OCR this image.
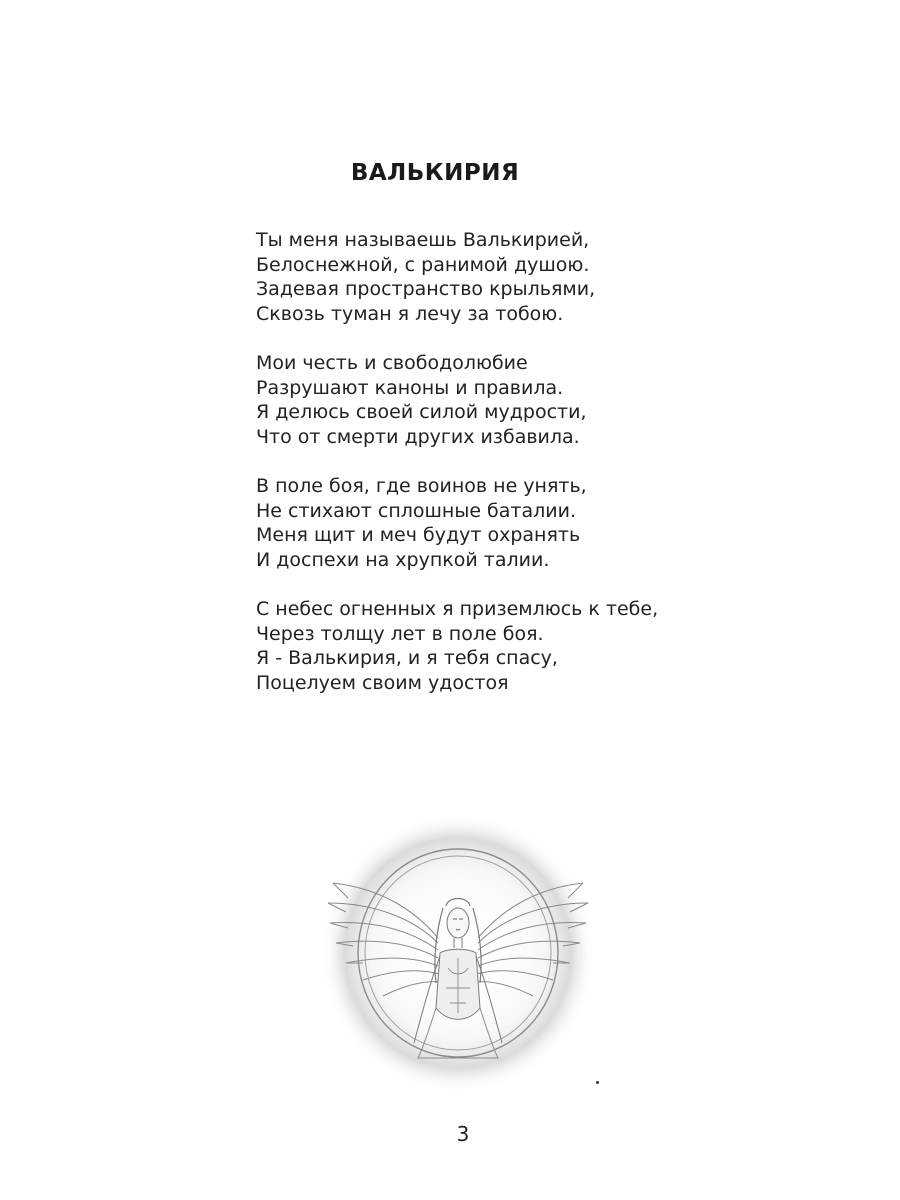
ВАЛЬКИРИЯ
Ты меня называешь Валькирией,
Белоснежной, с ранимой душою.
Задевая пространство крыльями,
Сквозь туман я лечу за тобою.
Мои честь и свободолюбие
Разрушают каноны и правила.
Я делюсь своей силой мудрости,
Что от смерти других избавила.
В поле боя, где воинов не унять,
Не стихают сплошные баталии.
Меня щит и меч будут охранять
И доспехи на хрупкой талии.
С небес огненных я приземлюсь к тебе,
Через толщу лет в поле боя.
Я - Валькирия, и я тебя спасу,
Поцелуем своим удостоя
3
